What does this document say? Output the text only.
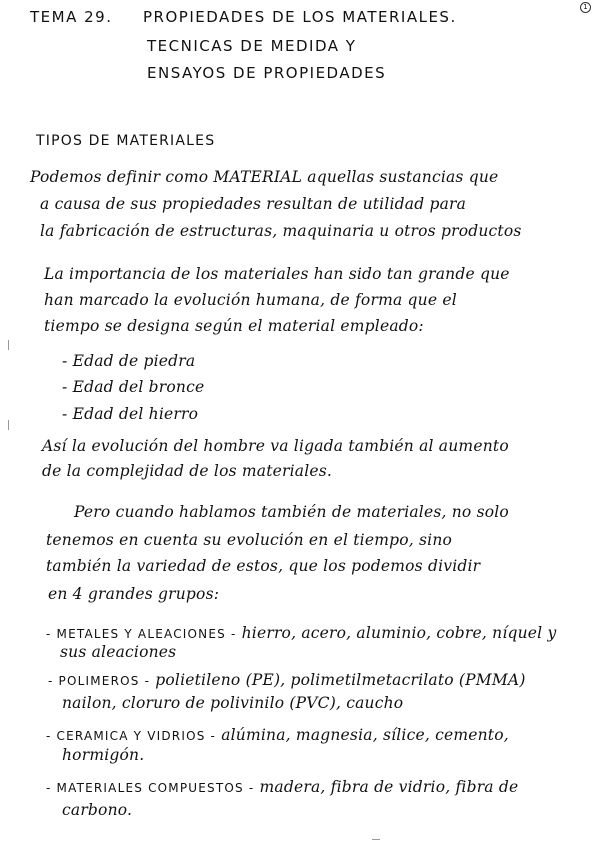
1
TEMA 29. PROPIEDADES DE LOS MATERIALES.
TECNICAS DE MEDIDA Y
ENSAYOS DE PROPIEDADES
TIPOS DE MATERIALES
Podemos definir como MATERIAL aquellas sustancias que
a causa de sus propiedades resultan de utilidad para
la fabricación de estructuras, maquinaria u otros productos
La importancia de los materiales han sido tan grande que
han marcado la evolución humana, de forma que el
tiempo se designa según el material empleado:
- Edad de piedra
- Edad del bronce
- Edad del hierro
Así la evolución del hombre va ligada también al aumento
de la complejidad de los materiales.
Pero cuando hablamos también de materiales, no solo
tenemos en cuenta su evolución en el tiempo, sino
también la variedad de estos, que los podemos dividir
en 4 grandes grupos:
- METALES Y ALEACIONES - hierro, acero, aluminio, cobre, níquel y
sus aleaciones
- POLIMEROS - polietileno (PE), polimetilmetacrilato (PMMA)
nailon, cloruro de polivinilo (PVC), caucho
- CERAMICA Y VIDRIOS - alúmina, magnesia, sílice, cemento,
hormigón.
- MATERIALES COMPUESTOS - madera, fibra de vidrio, fibra de
carbono.
